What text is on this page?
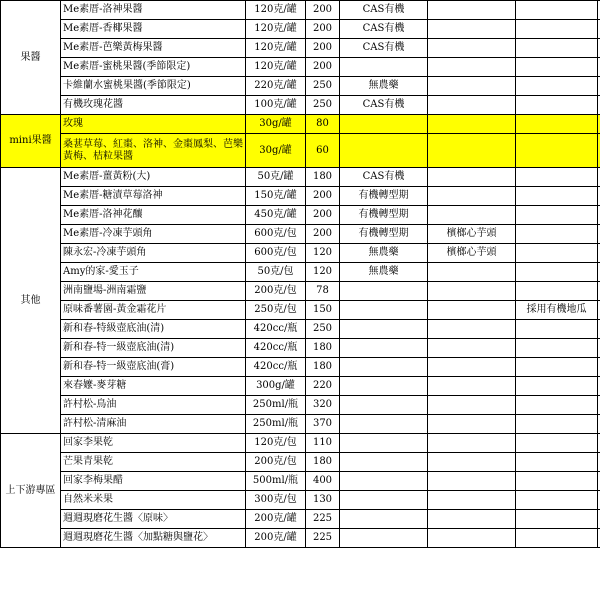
果醬	Me素厝-洛神果醬	120克/罐	200	CAS有機					
	Me素厝-香椰果醬	120克/罐	200	CAS有機					
	Me素厝-芭樂黃梅果醬	120克/罐	200	CAS有機					
	Me素厝-蜜桃果醬(季節限定)	120克/罐	200						
	卡維蘭水蜜桃果醬(季節限定)	220克/罐	250	無農藥					
	有機玫瑰花醬	100克/罐	250	CAS有機					
mini果醬	玫瑰	30g/罐	80						
	桑葚草莓、紅棗、洛神、金棗鳳梨、芭樂黃梅、桔粒果醬	30g/罐	60						
其他	Me素厝-薑黃粉(大)	50克/罐	180	CAS有機					
	Me素厝-糖漬草莓洛神	150克/罐	200	有機轉型期					
	Me素厝-洛神花釀	450克/罐	200	有機轉型期					
	Me素厝-冷凍芋頭角	600克/包	200	有機轉型期	檳榔心芋頭				
	陳永宏-冷凍芋頭角	600克/包	120	無農藥	檳榔心芋頭				
	Amy的家-愛玉子	50克/包	120	無農藥					
	洲南鹽場-洲南霜鹽	200克/包	78						
	原味番薯園-黃金霜花片	250克/包	150			採用有機地瓜			
	新和春-特級壺底油(清)	420cc/瓶	250						
	新和春-特一級壺底油(清)	420cc/瓶	180						
	新和春-特一級壺底油(膏)	420cc/瓶	180						
	來春嬤-麥芽糖	300g/罐	220						
	許村松-鳥油	250ml/瓶	320						
	許村松-清麻油	250ml/瓶	370						
上下游專區	回家李果乾	120克/包	110						
	芒果青果乾	200克/包	180						
	回家李梅果醋	500ml/瓶	400						
	自然米米果	300克/包	130						
	週週現磨花生醬〈原味〉	200克/罐	225						
	週週現磨花生醬〈加點糖與鹽花〉	200克/罐	225						
